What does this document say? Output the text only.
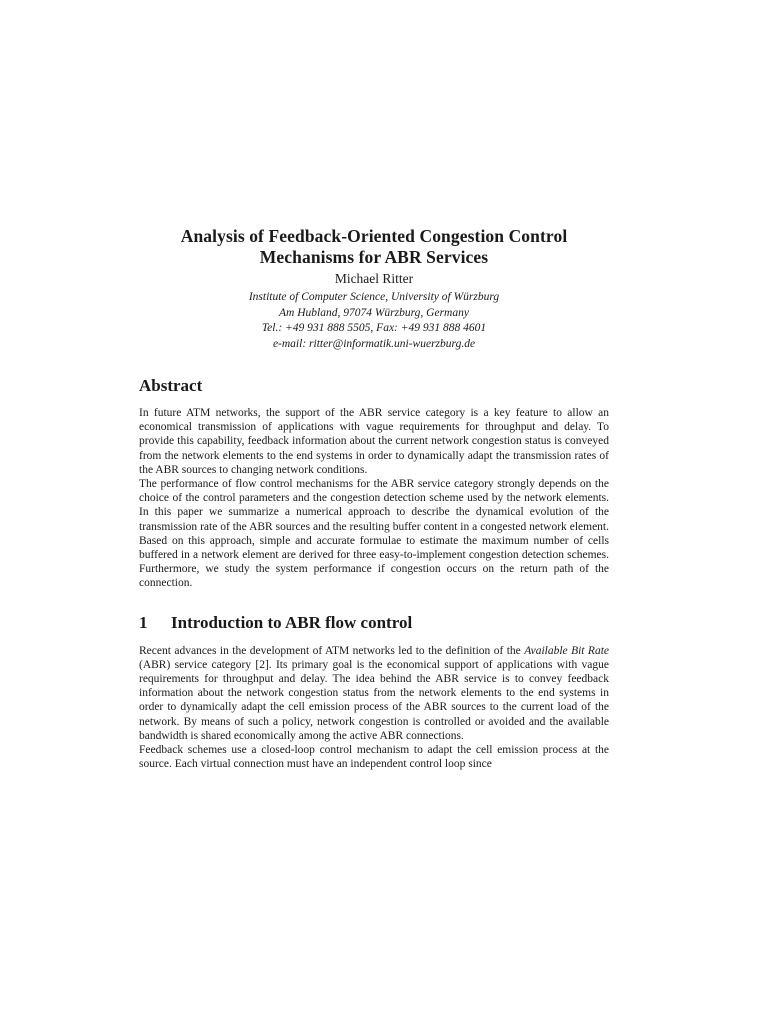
Analysis of Feedback-Oriented Congestion Control
Mechanisms for ABR Services
Michael Ritter
Institute of Computer Science, University of Würzburg
Am Hubland, 97074 Würzburg, Germany
Tel.: +49 931 888 5505, Fax: +49 931 888 4601
e-mail: ritter@informatik.uni-wuerzburg.de
Abstract

In future ATM networks, the support of the ABR service category is a key feature to allow an economical transmission of applications with vague requirements for throughput and delay. To provide this capability, feedback information about the current network congestion status is conveyed from the network elements to the end systems in order to dynamically adapt the transmission rates of the ABR sources to changing network conditions.

The performance of flow control mechanisms for the ABR service category strongly depends on the choice of the control parameters and the congestion detection scheme used by the network elements. In this paper we summarize a numerical approach to describe the dynamical evolution of the transmission rate of the ABR sources and the resulting buffer content in a congested network element. Based on this approach, simple and accurate formulae to estimate the maximum number of cells buffered in a network element are derived for three easy-to-implement congestion detection schemes. Furthermore, we study the system performance if congestion occurs on the return path of the connection.

1 Introduction to ABR flow control

Recent advances in the development of ATM networks led to the definition of the Available Bit Rate (ABR) service category [2]. Its primary goal is the economical support of applications with vague requirements for throughput and delay. The idea behind the ABR service is to convey feedback information about the network congestion status from the network elements to the end systems in order to dynamically adapt the cell emission process of the ABR sources to the current load of the network. By means of such a policy, network congestion is controlled or avoided and the available bandwidth is shared economically among the active ABR connections.

Feedback schemes use a closed-loop control mechanism to adapt the cell emission process at the source. Each virtual connection must have an independent control loop since
